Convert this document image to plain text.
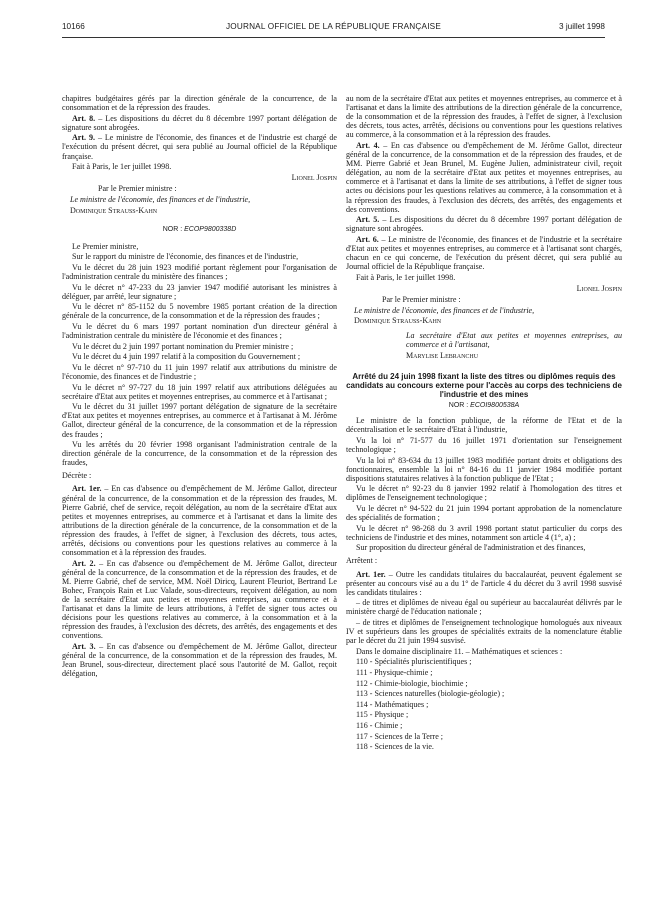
10166	JOURNAL OFFICIEL DE LA RÉPUBLIQUE FRANÇAISE	3 juillet 1998

chapitres budgétaires gérés par la direction générale de la concurrence, de la consommation et de la répression des fraudes.

Art. 8. – Les dispositions du décret du 8 décembre 1997 portant délégation de signature sont abrogées.

Art. 9. – Le ministre de l'économie, des finances et de l'industrie est chargé de l'exécution du présent décret, qui sera publié au Journal officiel de la République française.

Fait à Paris, le 1er juillet 1998.

Lionel Jospin

Par le Premier ministre :

Le ministre de l'économie, des finances et de l'industrie,

Dominique Strauss-Kahn

NOR : ECOP9800338D

Le Premier ministre,

Sur le rapport du ministre de l'économie, des finances et de l'industrie,

Vu le décret du 28 juin 1923 modifié portant règlement pour l'organisation de l'administration centrale du ministère des finances ;

Vu le décret n° 47-233 du 23 janvier 1947 modifié autorisant les ministres à déléguer, par arrêté, leur signature ;

Vu le décret n° 85-1152 du 5 novembre 1985 portant création de la direction générale de la concurrence, de la consommation et de la répression des fraudes ;

Vu le décret du 6 mars 1997 portant nomination d'un directeur général à l'administration centrale du ministère de l'économie et des finances ;

Vu le décret du 2 juin 1997 portant nomination du Premier ministre ;

Vu le décret du 4 juin 1997 relatif à la composition du Gouvernement ;

Vu le décret n° 97-710 du 11 juin 1997 relatif aux attributions du ministre de l'économie, des finances et de l'industrie ;

Vu le décret n° 97-727 du 18 juin 1997 relatif aux attributions déléguées au secrétaire d'Etat aux petites et moyennes entreprises, au commerce et à l'artisanat ;

Vu le décret du 31 juillet 1997 portant délégation de signature de la secrétaire d'Etat aux petites et moyennes entreprises, au commerce et à l'artisanat à M. Jérôme Gallot, directeur général de la concurrence, de la consommation et de la répression des fraudes ;

Vu les arrêtés du 20 février 1998 organisant l'administration centrale de la direction générale de la concurrence, de la consommation et de la répression des fraudes,

Décrète :

Art. 1er. – En cas d'absence ou d'empêchement de M. Jérôme Gallot, directeur général de la concurrence, de la consommation et de la répression des fraudes, M. Pierre Gabrié, chef de service, reçoit délégation, au nom de la secrétaire d'Etat aux petites et moyennes entreprises, au commerce et à l'artisanat et dans la limite des attributions de la direction générale de la concurrence, de la consommation et de la répression des fraudes, à l'effet de signer, à l'exclusion des décrets, tous actes, arrêtés, décisions ou conventions pour les questions relatives au commerce à la consommation et à la répression des fraudes.

Art. 2. – En cas d'absence ou d'empêchement de M. Jérôme Gallot, directeur général de la concurrence, de la consommation et de la répression des fraudes, et de M. Pierre Gabrié, chef de service, MM. Noël Diricq, Laurent Fleuriot, Bertrand Le Bohec, François Rain et Luc Valade, sous-directeurs, reçoivent délégation, au nom de la secrétaire d'Etat aux petites et moyennes entreprises, au commerce et à l'artisanat et dans la limite de leurs attributions, à l'effet de signer tous actes ou décisions pour les questions relatives au commerce, à la consommation et à la répression des fraudes, à l'exclusion des décrets, des arrêtés, des engagements et des conventions.

Art. 3. – En cas d'absence ou d'empêchement de M. Jérôme Gallot, directeur général de la concurrence, de la consommation et de la répression des fraudes, M. Jean Brunel, sous-directeur, directement placé sous l'autorité de M. Gallot, reçoit délégation,

au nom de la secrétaire d'Etat aux petites et moyennes entreprises, au commerce et à l'artisanat et dans la limite des attributions de la direction générale de la concurrence, de la consommation et de la répression des fraudes, à l'effet de signer, à l'exclusion des décrets, tous actes, arrêtés, décisions ou conventions pour les questions relatives au commerce, à la consommation et à la répression des fraudes.

Art. 4. – En cas d'absence ou d'empêchement de M. Jérôme Gallot, directeur général de la concurrence, de la consommation et de la répression des fraudes, et de MM. Pierre Gabrié et Jean Brunel, M. Eugène Julien, administrateur civil, reçoit délégation, au nom de la secrétaire d'Etat aux petites et moyennes entreprises, au commerce et à l'artisanat et dans la limite de ses attributions, à l'effet de signer tous actes ou décisions pour les questions relatives au commerce, à la consommation et à la répression des fraudes, à l'exclusion des décrets, des arrêtés, des engagements et des conventions.

Art. 5. – Les dispositions du décret du 8 décembre 1997 portant délégation de signature sont abrogées.

Art. 6. – Le ministre de l'économie, des finances et de l'industrie et la secrétaire d'Etat aux petites et moyennes entreprises, au commerce et à l'artisanat sont chargés, chacun en ce qui concerne, de l'exécution du présent décret, qui sera publié au Journal officiel de la République française.

Fait à Paris, le 1er juillet 1998.

Lionel Jospin

Par le Premier ministre :

Le ministre de l'économie, des finances et de l'industrie,

Dominique Strauss-Kahn

La secrétaire d'Etat aux petites et moyennes entreprises, au commerce et à l'artisanat,

Marylise Lebranchu

Arrêté du 24 juin 1998 fixant la liste des titres ou diplômes requis des candidats au concours externe pour l'accès au corps des techniciens de l'industrie et des mines
NOR : ECOI9800538A

Le ministre de la fonction publique, de la réforme de l'Etat et de la décentralisation et le secrétaire d'Etat à l'industrie,

Vu la loi n° 71-577 du 16 juillet 1971 d'orientation sur l'enseignement technologique ;

Vu la loi n° 83-634 du 13 juillet 1983 modifiée portant droits et obligations des fonctionnaires, ensemble la loi n° 84-16 du 11 janvier 1984 modifiée portant dispositions statutaires relatives à la fonction publique de l'Etat ;

Vu le décret n° 92-23 du 8 janvier 1992 relatif à l'homologation des titres et diplômes de l'enseignement technologique ;

Vu le décret n° 94-522 du 21 juin 1994 portant approbation de la nomenclature des spécialités de formation ;

Vu le décret n° 98-268 du 3 avril 1998 portant statut particulier du corps des techniciens de l'industrie et des mines, notamment son article 4 (1°, a) ;

Sur proposition du directeur général de l'administration et des finances,

Arrêtent :

Art. 1er. – Outre les candidats titulaires du baccalauréat, peuvent également se présenter au concours visé au a du 1° de l'article 4 du décret du 3 avril 1998 susvisé les candidats titulaires :

– de titres et diplômes de niveau égal ou supérieur au baccalauréat délivrés par le ministère chargé de l'éducation nationale ;

– de titres et diplômes de l'enseignement technologique homologués aux niveaux IV et supérieurs dans les groupes de spécialités extraits de la nomenclature établie par le décret du 21 juin 1994 susvisé.

Dans le domaine disciplinaire 11. – Mathématiques et sciences :

110 - Spécialités pluriscientifiques ;

111 - Physique-chimie ;

112 - Chimie-biologie, biochimie ;

113 - Sciences naturelles (biologie-géologie) ;

114 - Mathématiques ;

115 - Physique ;

116 - Chimie ;

117 - Sciences de la Terre ;

118 - Sciences de la vie.
